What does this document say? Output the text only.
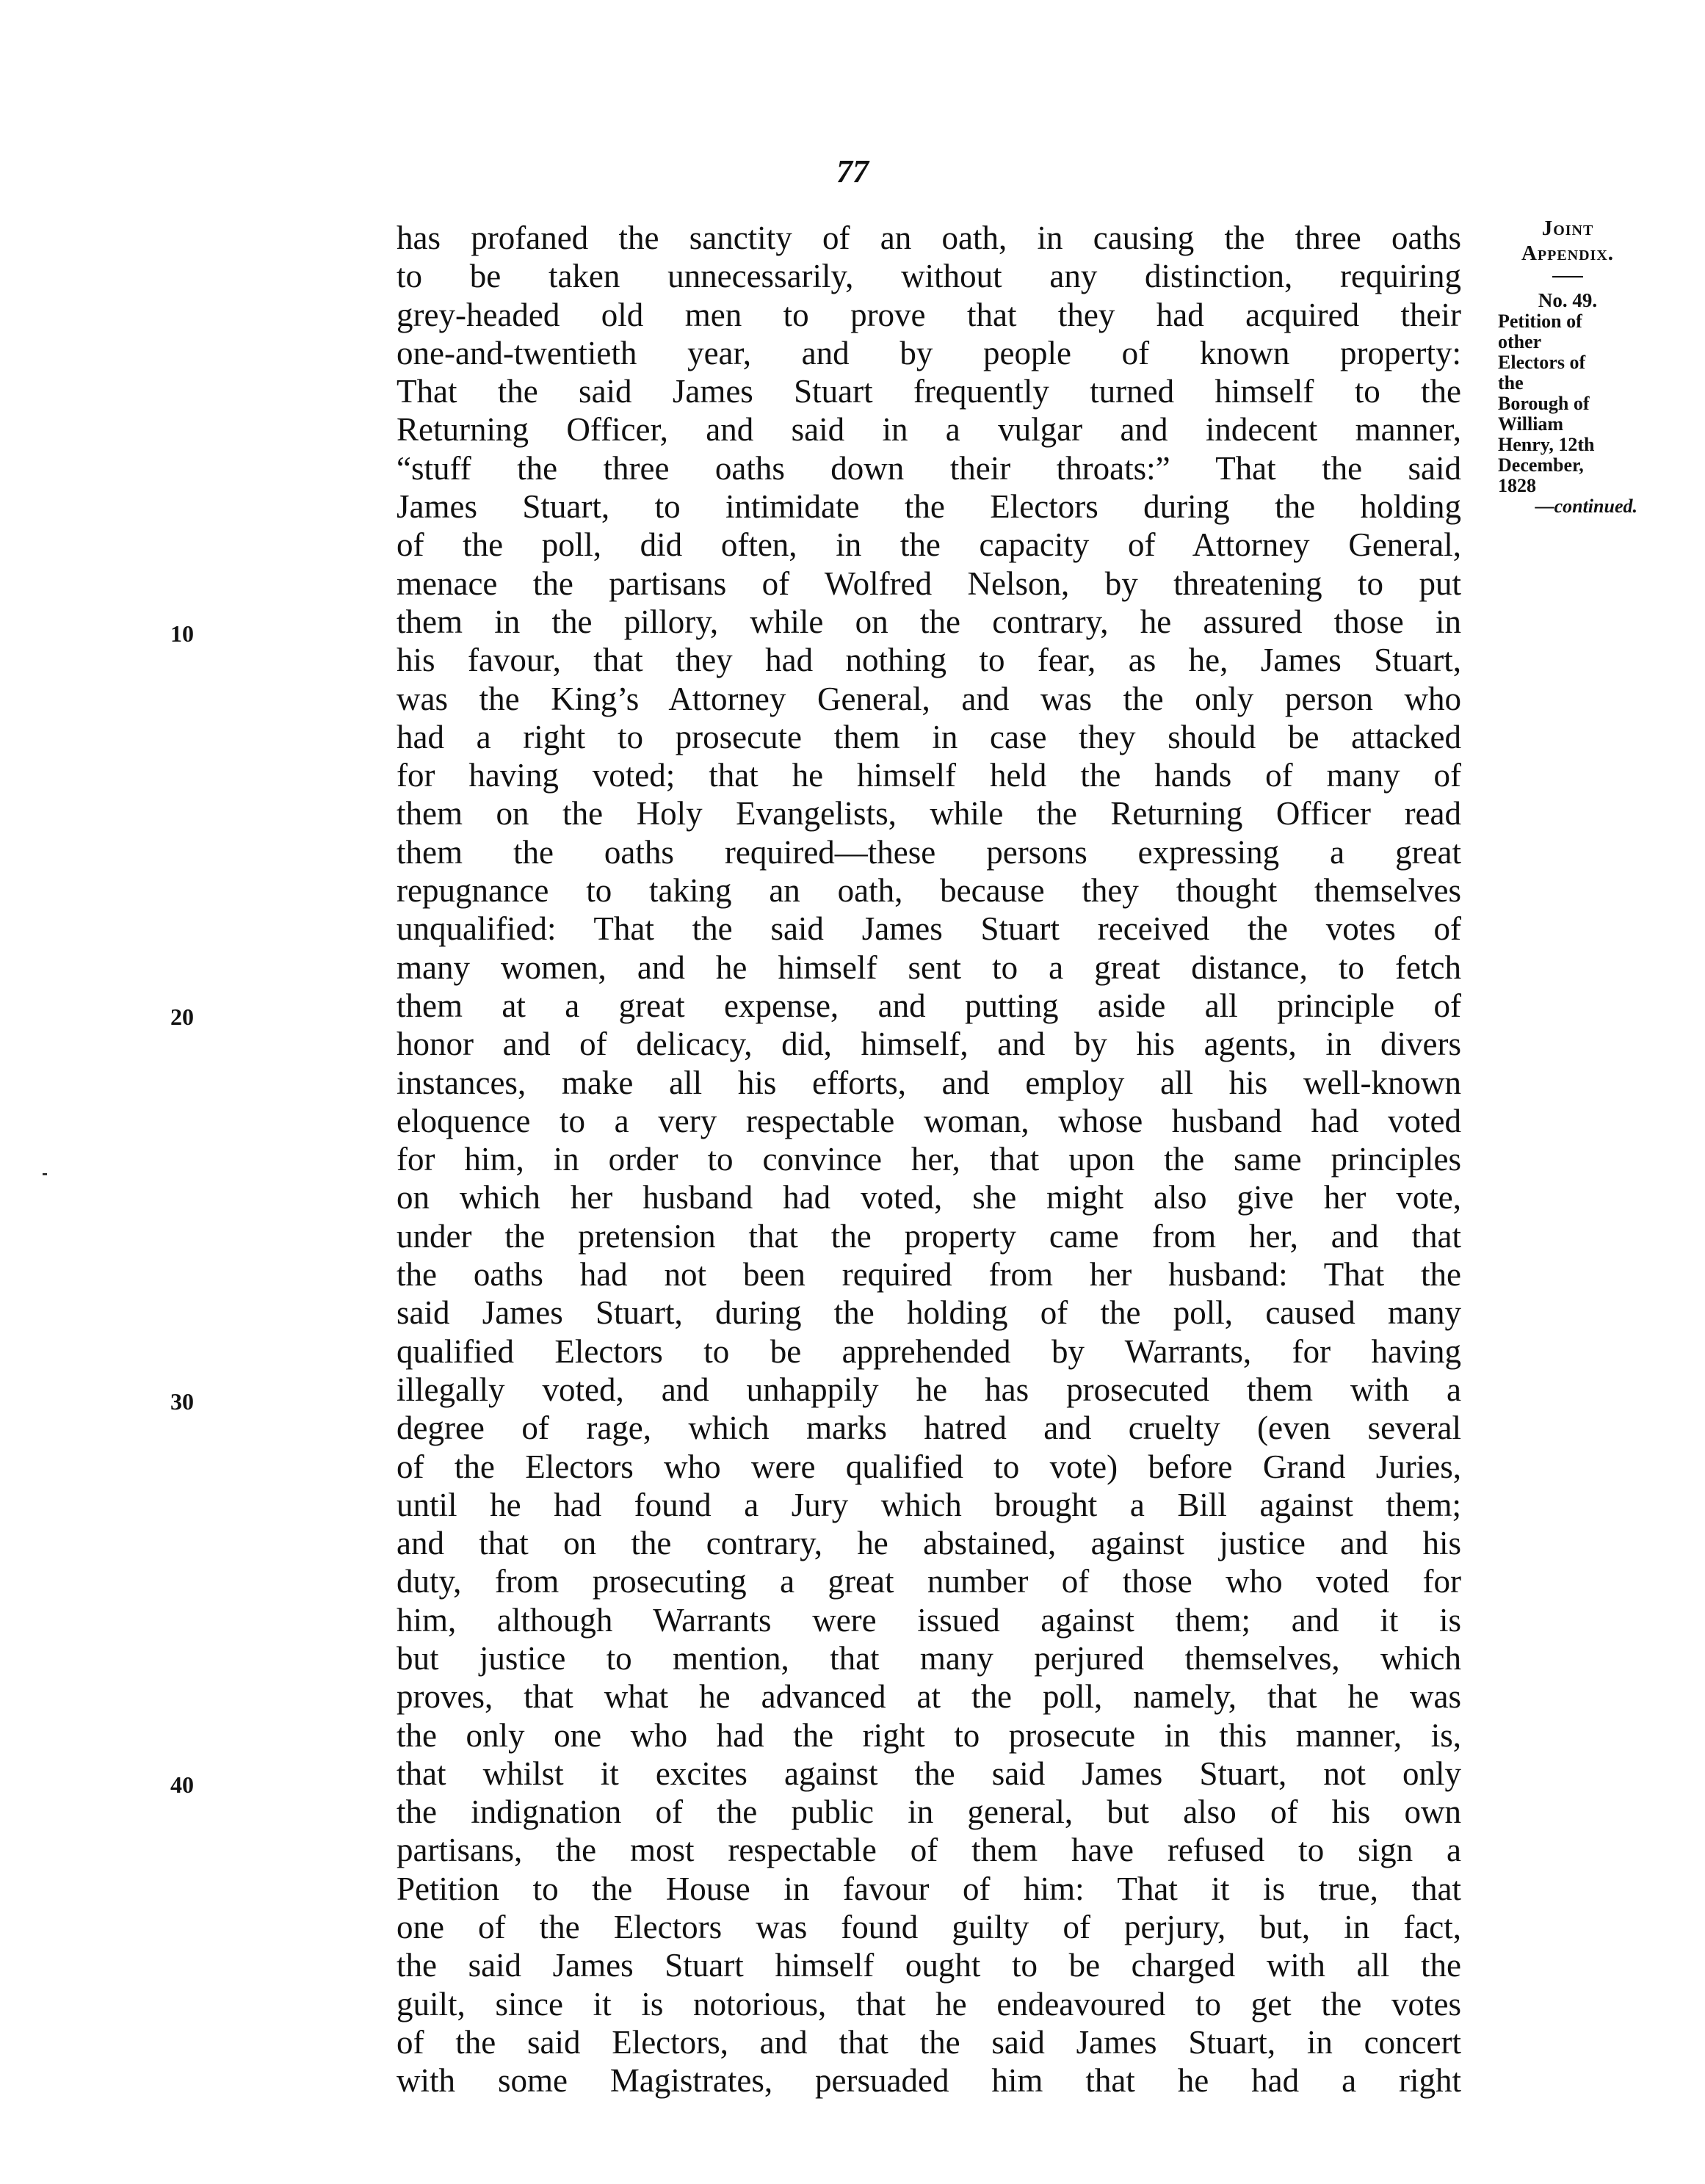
77
Joint Appendix.
No. 49.
Petition of
other
Electors of
the
Borough of
William
Henry, 12th
December,
1828
—continued.
10
20
30
40
has profaned the sanctity of an oath, in causing the three oaths
to be taken unnecessarily, without any distinction, requiring
grey-headed old men to prove that they had acquired their
one-and-twentieth year, and by people of known property:
That the said James Stuart frequently turned himself to the
Returning Officer, and said in a vulgar and indecent manner,
“stuff the three oaths down their throats:” That the said
James Stuart, to intimidate the Electors during the holding
of the poll, did often, in the capacity of Attorney General,
menace the partisans of Wolfred Nelson, by threatening to put
them in the pillory, while on the contrary, he assured those in
his favour, that they had nothing to fear, as he, James Stuart,
was the King’s Attorney General, and was the only person who
had a right to prosecute them in case they should be attacked
for having voted; that he himself held the hands of many of
them on the Holy Evangelists, while the Returning Officer read
them the oaths required—these persons expressing a great
repugnance to taking an oath, because they thought themselves
unqualified: That the said James Stuart received the votes of
many women, and he himself sent to a great distance, to fetch
them at a great expense, and putting aside all principle of
honor and of delicacy, did, himself, and by his agents, in divers
instances, make all his efforts, and employ all his well-known
eloquence to a very respectable woman, whose husband had voted
for him, in order to convince her, that upon the same principles
on which her husband had voted, she might also give her vote,
under the pretension that the property came from her, and that
the oaths had not been required from her husband: That the
said James Stuart, during the holding of the poll, caused many
qualified Electors to be apprehended by Warrants, for having
illegally voted, and unhappily he has prosecuted them with a
degree of rage, which marks hatred and cruelty (even several
of the Electors who were qualified to vote) before Grand Juries,
until he had found a Jury which brought a Bill against them;
and that on the contrary, he abstained, against justice and his
duty, from prosecuting a great number of those who voted for
him, although Warrants were issued against them; and it is
but justice to mention, that many perjured themselves, which
proves, that what he advanced at the poll, namely, that he was
the only one who had the right to prosecute in this manner, is,
that whilst it excites against the said James Stuart, not only
the indignation of the public in general, but also of his own
partisans, the most respectable of them have refused to sign a
Petition to the House in favour of him: That it is true, that
one of the Electors was found guilty of perjury, but, in fact,
the said James Stuart himself ought to be charged with all the
guilt, since it is notorious, that he endeavoured to get the votes
of the said Electors, and that the said James Stuart, in concert
with some Magistrates, persuaded him that he had a right
